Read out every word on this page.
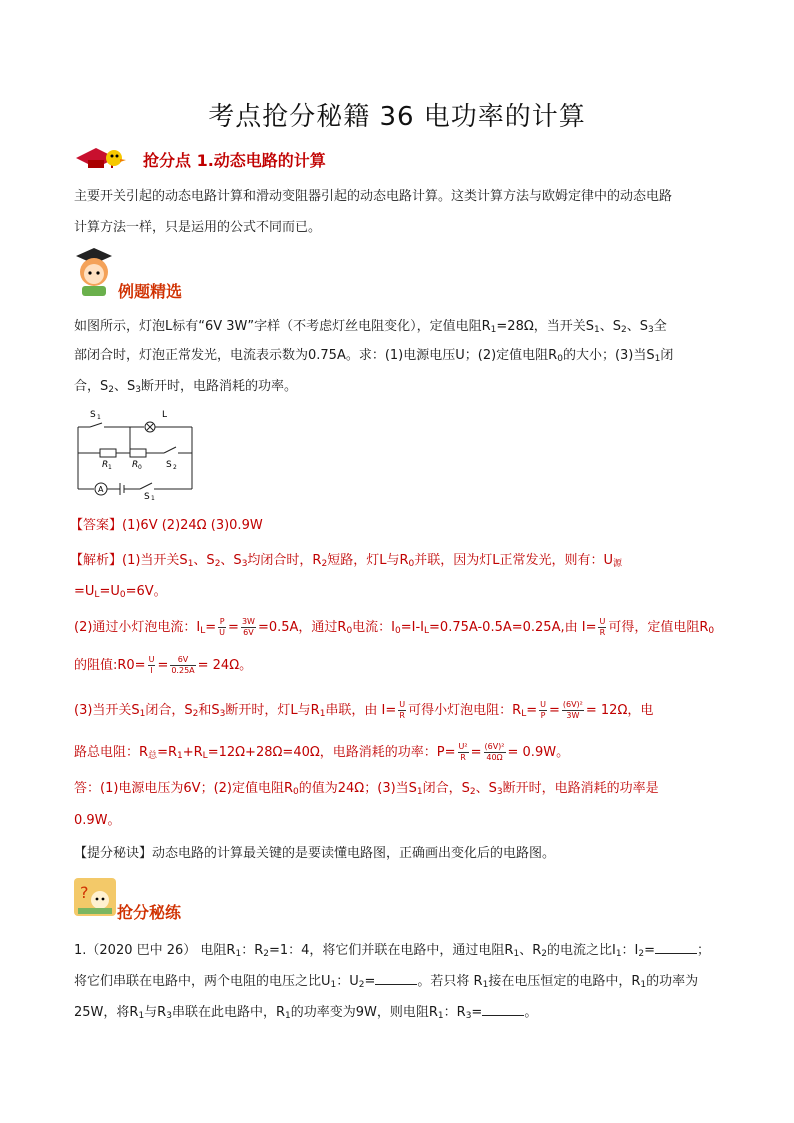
考点抢分秘籍 36 电功率的计算
抢分点 1.动态电路的计算
主要开关引起的动态电路计算和滑动变阻器引起的动态电路计算。这类计算方法与欧姆定律中的动态电路
计算方法一样，只是运用的公式不同而已。
例题精选
如图所示，灯泡L标有“6V 3W”字样（不考虑灯丝电阻变化），定值电阻$R_1=28\Omega$，当开关$S_1$、$S_2$、$S_3$全
部闭合时，灯泡正常发光，电流表示数为0.75A。求：(1)电源电压U；(2)定值电阻$R_0$的大小；(3)当$S_1$闭
合，$S_2$、$S_3$断开时，电路消耗的功率。
S 1	L
R 1 R 0	S 2
A
S 1
【答案】(1)6V (2)24Ω (3)0.9W
【解析】(1)当开关$S_1$、$S_2$、$S_3$均闭合时，$R_2$短路，灯L与$R_0$并联，因为灯L正常发光，则有：$U_源$
$=U_L=U_0=6V$。
(2)通过小灯泡电流：$I_L= \frac{P}{U} = \frac{3W}{6V} =0.5A$，通过$R_0$电流：$I_0=I-I_L=0.75A-0.5A=0.25A$,由 $I= \frac{U}{R}$ 可得，定值电阻$R_0$
的阻值:R0= $\frac{U}{I} = \frac{6V}{0.25A} = 24\Omega$。
(3)当开关$S_1$闭合，$S_2$和$S_3$断开时，灯L与$R_1$串联，由 $I= \frac{U}{R}$ 可得小灯泡电阻：$R_L= \frac{U}{P} = \frac{\text{(6V)²}}{3W} = 12\Omega$，电
路总电阻：$R_总=R_1+R_L=12\Omega+28\Omega=40\Omega$，电路消耗的功率：$P= \frac{\text{U²}}{R} = \frac{\text{(6V)²}}{40\Omega} = 0.9W$。
答：(1)电源电压为6V；(2)定值电阻$R_0$的值为24Ω；(3)当$S_1$闭合，$S_2$、$S_3$断开时，电路消耗的功率是
0.9W。
【提分秘诀】动态电路的计算最关键的是要读懂电路图，正确画出变化后的电路图。
?
抢分秘练
1.（2020 巴中 26） 电阻$R_1$：$R_2=1$：4，将它们并联在电路中，通过电阻$R_1$、$R_2$的电流之比$I_1$：$I_2=$	；
将它们串联在电路中，两个电阻的电压之比$U_1$：$U_2=$	。若只将 $R_1$接在电压恒定的电路中，$R_1$的功率为
25W，将$R_1$与$R_3$串联在此电路中，$R_1$的功率变为9W，则电阻$R_1$：$R_3=$	。
